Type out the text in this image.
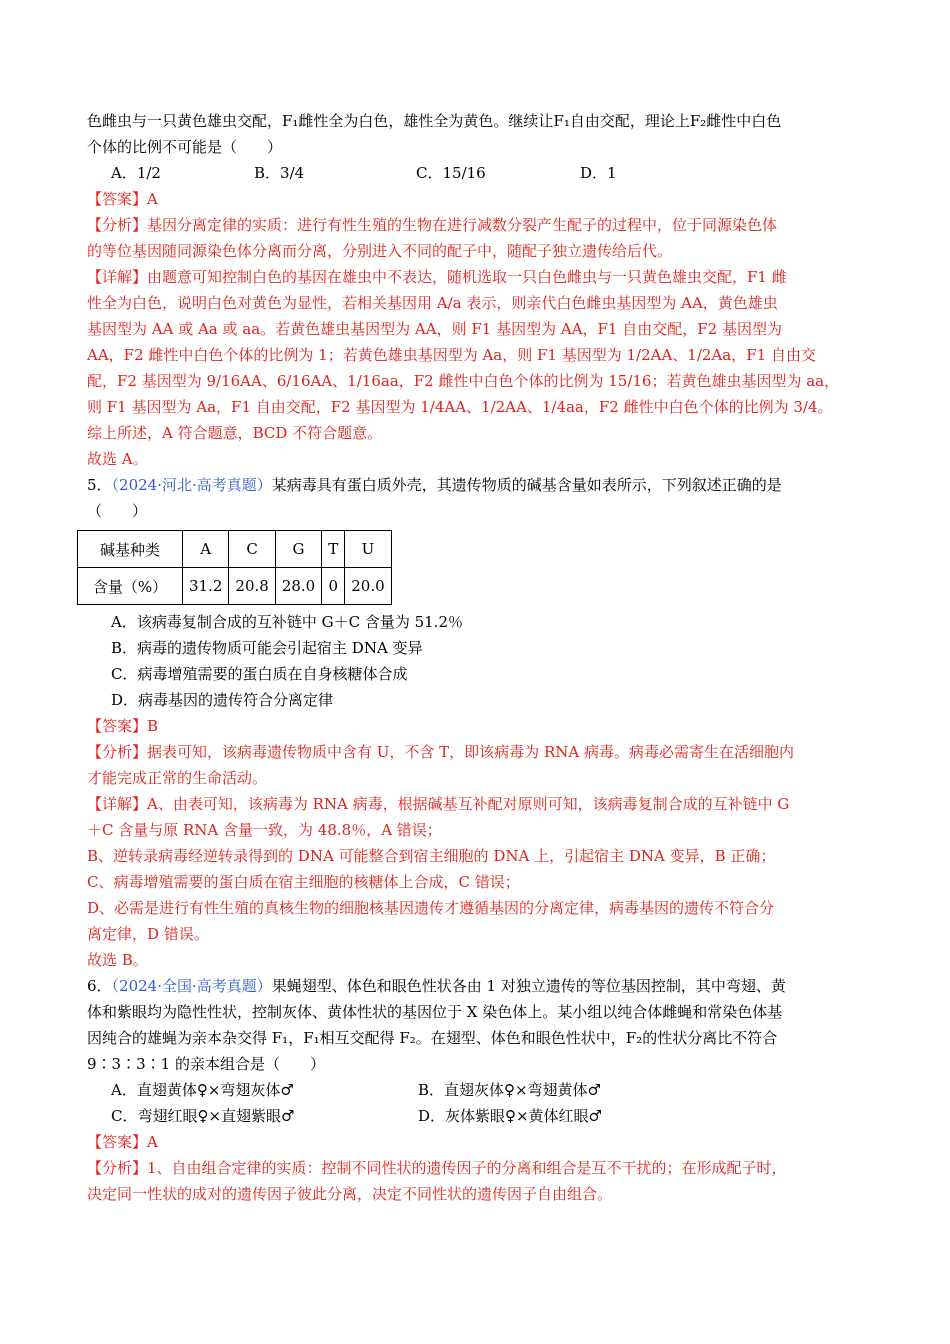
色雌虫与一只黄色雄虫交配，F₁雌性全为白色，雄性全为黄色。继续让F₁自由交配，理论上F₂雌性中白色
个体的比例不可能是（　　）
A．1/2	B．3/4	C．15/16	D．1
【答案】A
【分析】基因分离定律的实质：进行有性生殖的生物在进行减数分裂产生配子的过程中，位于同源染色体
的等位基因随同源染色体分离而分离，分别进入不同的配子中，随配子独立遗传给后代。
【详解】由题意可知控制白色的基因在雄虫中不表达，随机选取一只白色雌虫与一只黄色雄虫交配，F1 雌
性全为白色，说明白色对黄色为显性，若相关基因用 A/a 表示，则亲代白色雌虫基因型为 AA，黄色雄虫
基因型为 AA 或 Aa 或 aa。若黄色雄虫基因型为 AA，则 F1 基因型为 AA，F1 自由交配，F2 基因型为
AA，F2 雌性中白色个体的比例为 1；若黄色雄虫基因型为 Aa，则 F1 基因型为 1/2AA、1/2Aa，F1 自由交
配，F2 基因型为 9/16AA、6/16AA、1/16aa，F2 雌性中白色个体的比例为 15/16；若黄色雄虫基因型为 aa，
则 F1 基因型为 Aa，F1 自由交配，F2 基因型为 1/4AA、1/2AA、1/4aa，F2 雌性中白色个体的比例为 3/4。
综上所述，A 符合题意，BCD 不符合题意。
故选 A。
5．（2024·河北·高考真题）某病毒具有蛋白质外壳，其遗传物质的碱基含量如表所示，下列叙述正确的是
（　　）
碱基种类	A	C	G	T	U
含量（%）	31.2	20.8	28.0	0	20.0
A．该病毒复制合成的互补链中 G＋C 含量为 51.2％
B．病毒的遗传物质可能会引起宿主 DNA 变异
C．病毒增殖需要的蛋白质在自身核糖体合成
D．病毒基因的遗传符合分离定律
【答案】B
【分析】据表可知，该病毒遗传物质中含有 U，不含 T，即该病毒为 RNA 病毒。病毒必需寄生在活细胞内
才能完成正常的生命活动。
【详解】A、由表可知，该病毒为 RNA 病毒，根据碱基互补配对原则可知，该病毒复制合成的互补链中 G
＋C 含量与原 RNA 含量一致，为 48.8％，A 错误；
B、逆转录病毒经逆转录得到的 DNA 可能整合到宿主细胞的 DNA 上，引起宿主 DNA 变异，B 正确；
C、病毒增殖需要的蛋白质在宿主细胞的核糖体上合成，C 错误；
D、必需是进行有性生殖的真核生物的细胞核基因遗传才遵循基因的分离定律，病毒基因的遗传不符合分
离定律，D 错误。
故选 B。
6．（2024·全国·高考真题）果蝇翅型、体色和眼色性状各由 1 对独立遗传的等位基因控制，其中弯翅、黄
体和紫眼均为隐性性状，控制灰体、黄体性状的基因位于 X 染色体上。某小组以纯合体雌蝇和常染色体基
因纯合的雄蝇为亲本杂交得 F₁，F₁相互交配得 F₂。在翅型、体色和眼色性状中，F₂的性状分离比不符合
9∶3∶3∶1 的亲本组合是（　　）
A．直翅黄体♀×弯翅灰体♂	B．直翅灰体♀×弯翅黄体♂
C．弯翅红眼♀×直翅紫眼♂	D．灰体紫眼♀×黄体红眼♂
【答案】A
【分析】1、自由组合定律的实质：控制不同性状的遗传因子的分离和组合是互不干扰的；在形成配子时，
决定同一性状的成对的遗传因子彼此分离，决定不同性状的遗传因子自由组合。
